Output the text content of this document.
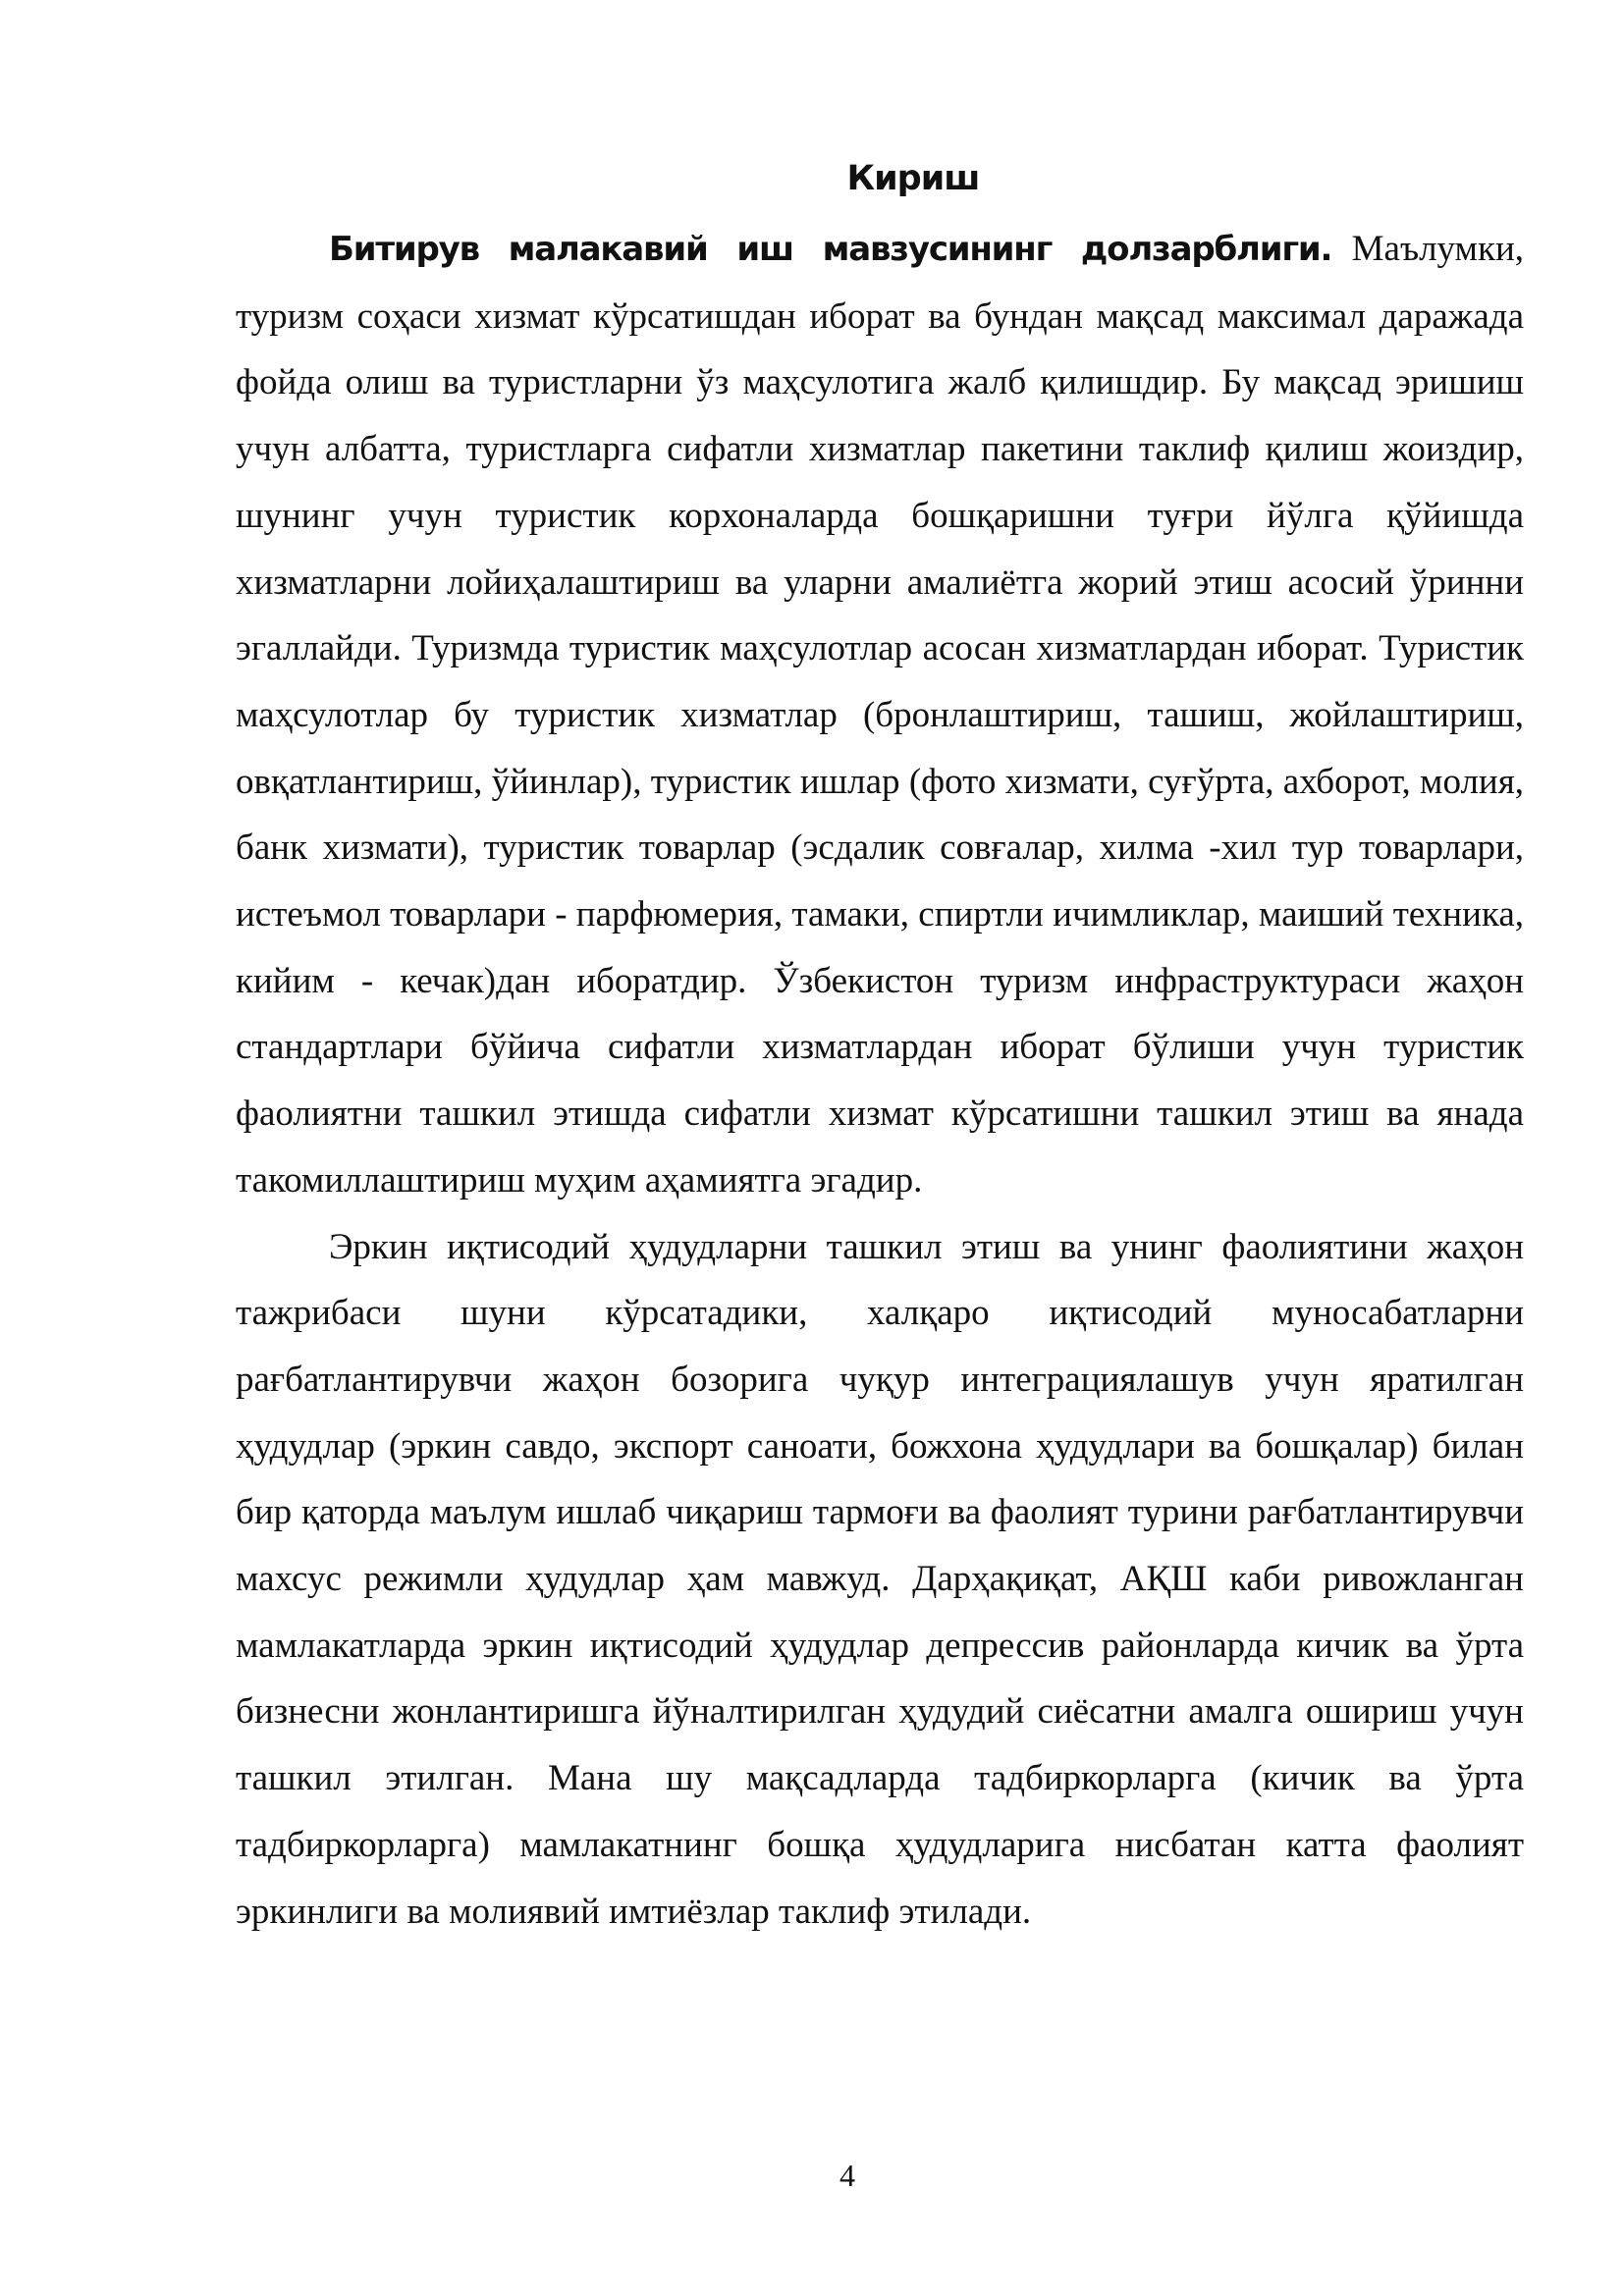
Кириш

Битирув малакавий иш мавзусининг долзарблиги. Маълумки, туризм соҳаси хизмат кўрсатишдан иборат ва бундан мақсад максимал даражада фойда олиш ва туристларни ўз маҳсулотига жалб қилишдир. Бу мақсад эришиш учун албатта, туристларга сифатли хизматлар пакетини таклиф қилиш жоиздир, шунинг учун туристик корхоналарда бошқаришни туғри йўлга қўйишда хизматларни лойиҳалаштириш ва уларни амалиётга жорий этиш асосий ўринни эгаллайди. Туризмда туристик маҳсулотлар асосан хизматлардан иборат. Туристик маҳсулотлар бу туристик хизматлар (бронлаштириш, ташиш, жойлаштириш, овқатлантириш, ўйинлар), туристик ишлар (фото хизмати, суғўрта, ахборот, молия, банк хизмати), туристик товарлар (эсдалик совғалар, хилма -хил тур товарлари, истеъмол товарлари - парфюмерия, тамаки, спиртли ичимликлар, маиший техника, кийим - кечак)дан иборатдир. Ўзбекистон туризм инфраструктураси жаҳон стандартлари бўйича сифатли хизматлардан иборат бўлиши учун туристик фаолиятни ташкил этишда сифатли хизмат кўрсатишни ташкил этиш ва янада такомиллаштириш муҳим аҳамиятга эгадир.

Эркин иқтисодий ҳудудларни ташкил этиш ва унинг фаолиятини жаҳон тажрибаси шуни кўрсатадики, халқаро иқтисодий муносабатларни рағбатлантирувчи жаҳон бозорига чуқур интеграциялашув учун яратилган ҳудудлар (эркин савдо, экспорт саноати, божхона ҳудудлари ва бошқалар) билан бир қаторда маълум ишлаб чиқариш тармоғи ва фаолият турини рағбатлантирувчи махсус режимли ҳудудлар ҳам мавжуд. Дарҳақиқат, АҚШ каби ривожланган мамлакатларда эркин иқтисодий ҳудудлар депрессив районларда кичик ва ўрта бизнесни жонлантиришга йўналтирилган ҳудудий сиёсатни амалга ошириш учун ташкил этилган. Мана шу мақсадларда тадбиркорларга (кичик ва ўрта тадбиркорларга) мамлакатнинг бошқа ҳудудларига нисбатан катта фаолият эркинлиги ва молиявий имтиёзлар таклиф этилади.

4
